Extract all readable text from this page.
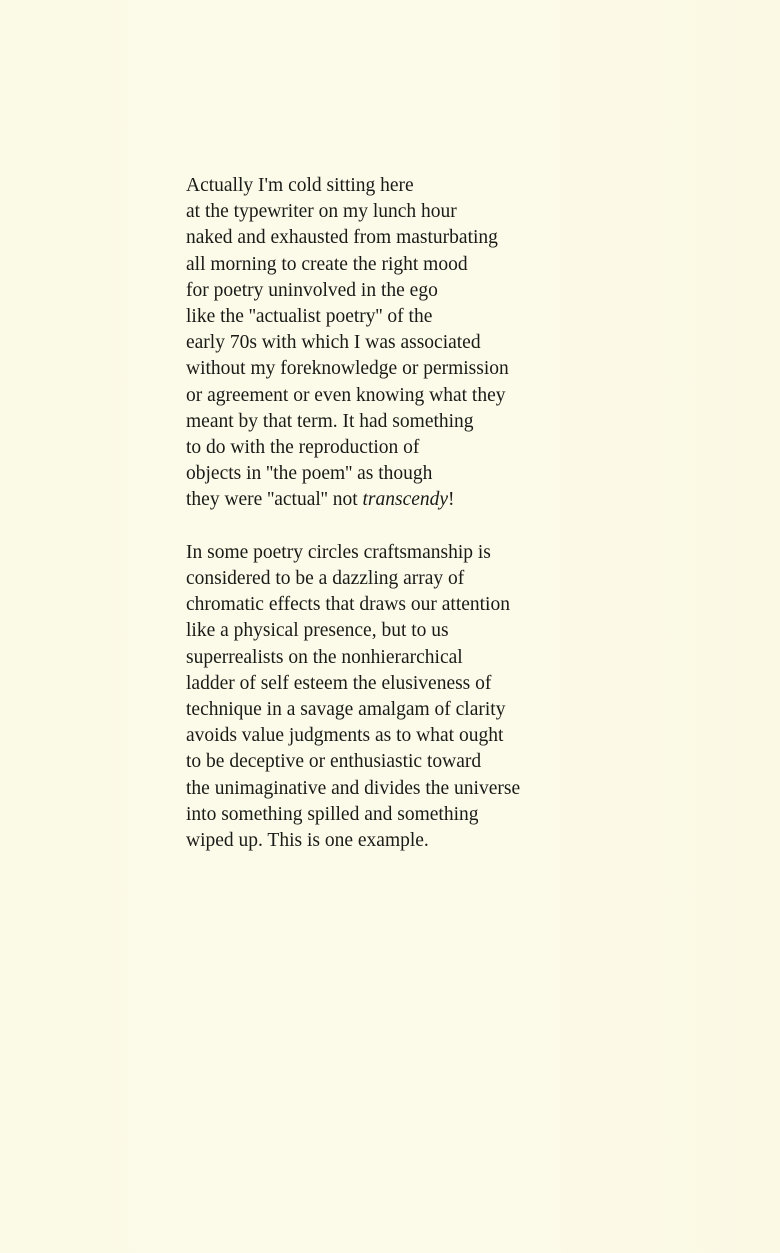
Actually I'm cold sitting here
at the typewriter on my lunch hour
naked and exhausted from masturbating
all morning to create the right mood
for poetry uninvolved in the ego
like the ''actualist poetry'' of the
early 70s with which I was associated
without my foreknowledge or permission
or agreement or even knowing what they
meant by that term. It had something
to do with the reproduction of
objects in ''the poem'' as though
they were ''actual'' not transcendy!

In some poetry circles craftsmanship is
considered to be a dazzling array of
chromatic effects that draws our attention
like a physical presence, but to us
superrealists on the nonhierarchical
ladder of self esteem the elusiveness of
technique in a savage amalgam of clarity
avoids value judgments as to what ought
to be deceptive or enthusiastic toward
the unimaginative and divides the universe
into something spilled and something
wiped up. This is one example.
